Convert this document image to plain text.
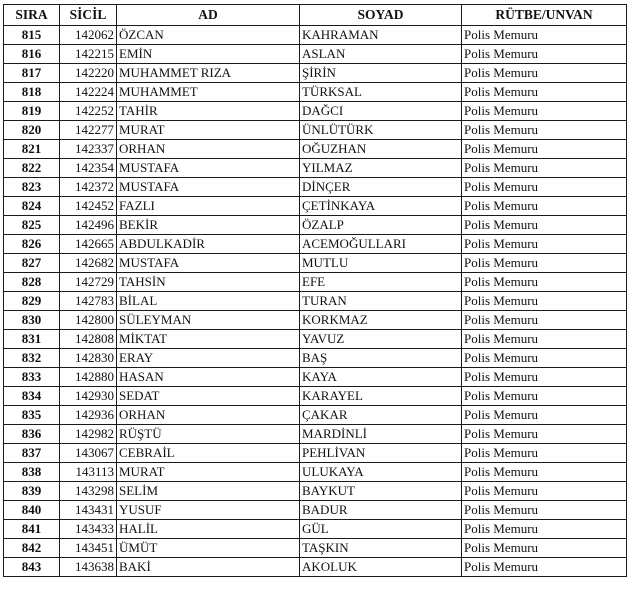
SIRA	SİCİL	AD	SOYAD	RÜTBE/UNVAN
815	142062	ÖZCAN	KAHRAMAN	Polis Memuru
816	142215	EMİN	ASLAN	Polis Memuru
817	142220	MUHAMMET RIZA	ŞİRİN	Polis Memuru
818	142224	MUHAMMET	TÜRKSAL	Polis Memuru
819	142252	TAHİR	DAĞCI	Polis Memuru
820	142277	MURAT	ÜNLÜTÜRK	Polis Memuru
821	142337	ORHAN	OĞUZHAN	Polis Memuru
822	142354	MUSTAFA	YILMAZ	Polis Memuru
823	142372	MUSTAFA	DİNÇER	Polis Memuru
824	142452	FAZLI	ÇETİNKAYA	Polis Memuru
825	142496	BEKİR	ÖZALP	Polis Memuru
826	142665	ABDULKADİR	ACEMOĞULLARI	Polis Memuru
827	142682	MUSTAFA	MUTLU	Polis Memuru
828	142729	TAHSİN	EFE	Polis Memuru
829	142783	BİLAL	TURAN	Polis Memuru
830	142800	SÜLEYMAN	KORKMAZ	Polis Memuru
831	142808	MİKTAT	YAVUZ	Polis Memuru
832	142830	ERAY	BAŞ	Polis Memuru
833	142880	HASAN	KAYA	Polis Memuru
834	142930	SEDAT	KARAYEL	Polis Memuru
835	142936	ORHAN	ÇAKAR	Polis Memuru
836	142982	RÜŞTÜ	MARDİNLİ	Polis Memuru
837	143067	CEBRAİL	PEHLİVAN	Polis Memuru
838	143113	MURAT	ULUKAYA	Polis Memuru
839	143298	SELİM	BAYKUT	Polis Memuru
840	143431	YUSUF	BADUR	Polis Memuru
841	143433	HALİL	GÜL	Polis Memuru
842	143451	ÜMÜT	TAŞKIN	Polis Memuru
843	143638	BAKİ	AKOLUK	Polis Memuru
